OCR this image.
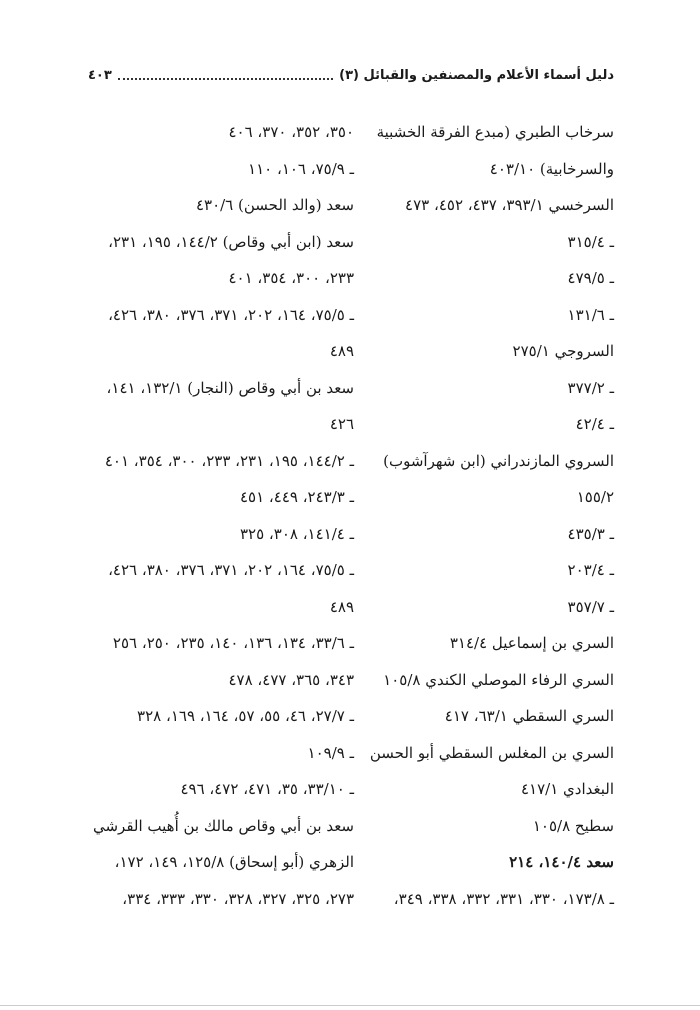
دليل أسماء الأعلام والمصنفين والقبائل (٣)
٤٠٣
سرخاب الطبري (مبدع الفرقة الخشبية
والسرخابية) ٤٠٣/١٠
السرخسي ٣٩٣/١، ٤٣٧، ٤٥٢، ٤٧٣
ـ ٣١٥/٤
ـ ٤٧٩/٥
ـ ١٣١/٦
السروجي ٢٧٥/١
ـ ٣٧٧/٢
ـ ٤٢/٤
السروي المازندراني (ابن شهرآشوب)
١٥٥/٢
ـ ٤٣٥/٣
ـ ٢٠٣/٤
ـ ٣٥٧/٧
السري بن إسماعيل ٣١٤/٤
السري الرفاء الموصلي الكندي ١٠٥/٨
السري السقطي ٦٣/١، ٤١٧
السري بن المغلس السقطي أبو الحسن
البغدادي ٤١٧/١
سطيح ١٠٥/٨
سعد ١٤٠/٤، ٢١٤
ـ ١٧٣/٨، ٣٣٠، ٣٣١، ٣٣٢، ٣٣٨، ٣٤٩،
٣٥٠، ٣٥٢، ٣٧٠، ٤٠٦
ـ ٧٥/٩، ١٠٦، ١١٠
سعد (والد الحسن) ٤٣٠/٦
سعد (ابن أبي وقاص) ١٤٤/٢، ١٩٥، ٢٣١،
٢٣٣، ٣٠٠، ٣٥٤، ٤٠١
ـ ٧٥/٥، ١٦٤، ٢٠٢، ٣٧١، ٣٧٦، ٣٨٠، ٤٢٦،
٤٨٩
سعد بن أبي وقاص (النجار) ١٣٢/١، ١٤١،
٤٢٦
ـ ١٤٤/٢، ١٩٥، ٢٣١، ٢٣٣، ٣٠٠، ٣٥٤، ٤٠١
ـ ٢٤٣/٣، ٤٤٩، ٤٥١
ـ ١٤١/٤، ٣٠٨، ٣٢٥
ـ ٧٥/٥، ١٦٤، ٢٠٢، ٣٧١، ٣٧٦، ٣٨٠، ٤٢٦،
٤٨٩
ـ ٣٣/٦، ١٣٤، ١٣٦، ١٤٠، ٢٣٥، ٢٥٠، ٢٥٦
٣٤٣، ٣٦٥، ٤٧٧، ٤٧٨
ـ ٢٧/٧، ٤٦، ٥٥، ٥٧، ١٦٤، ١٦٩، ٣٢٨
ـ ١٠٩/٩
ـ ٣٣/١٠، ٣٥، ٤٧١، ٤٧٢، ٤٩٦
سعد بن أبي وقاص مالك بن أُهيب القرشي
الزهري (أبو إسحاق) ١٢٥/٨، ١٤٩، ١٧٢،
٢٧٣، ٣٢٥، ٣٢٧، ٣٢٨، ٣٣٠، ٣٣٣، ٣٣٤،
